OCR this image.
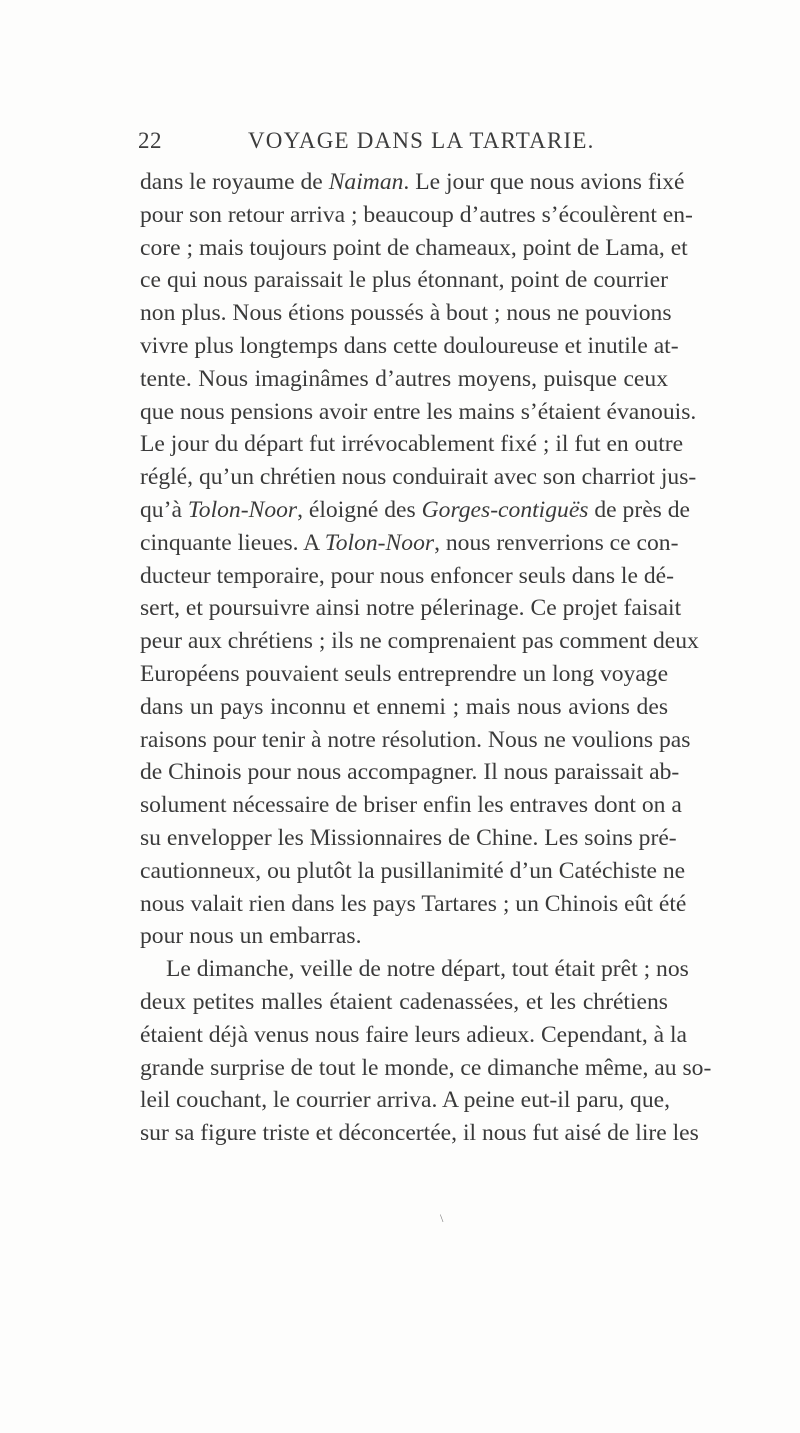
22	VOYAGE DANS LA TARTARIE.
dans le royaume de Naiman. Le jour que nous avions fixé
pour son retour arriva ; beaucoup d’autres s’écoulèrent en-
core ; mais toujours point de chameaux, point de Lama, et
ce qui nous paraissait le plus étonnant, point de courrier
non plus. Nous étions poussés à bout ; nous ne pouvions
vivre plus longtemps dans cette douloureuse et inutile at-
tente. Nous imaginâmes d’autres moyens, puisque ceux
que nous pensions avoir entre les mains s’étaient évanouis.
Le jour du départ fut irrévocablement fixé ; il fut en outre
réglé, qu’un chrétien nous conduirait avec son charriot jus-
qu’à Tolon-Noor, éloigné des Gorges-contiguës de près de
cinquante lieues. A Tolon-Noor, nous renverrions ce con-
ducteur temporaire, pour nous enfoncer seuls dans le dé-
sert, et poursuivre ainsi notre pélerinage. Ce projet faisait
peur aux chrétiens ; ils ne comprenaient pas comment deux
Européens pouvaient seuls entreprendre un long voyage
dans un pays inconnu et ennemi ; mais nous avions des
raisons pour tenir à notre résolution. Nous ne voulions pas
de Chinois pour nous accompagner. Il nous paraissait ab-
solument nécessaire de briser enfin les entraves dont on a
su envelopper les Missionnaires de Chine. Les soins pré-
cautionneux, ou plutôt la pusillanimité d’un Catéchiste ne
nous valait rien dans les pays Tartares ; un Chinois eût été
pour nous un embarras.
Le dimanche, veille de notre départ, tout était prêt ; nos
deux petites malles étaient cadenassées, et les chrétiens
étaient déjà venus nous faire leurs adieux. Cependant, à la
grande surprise de tout le monde, ce dimanche même, au so-
leil couchant, le courrier arriva. A peine eut-il paru, que,
sur sa figure triste et déconcertée, il nous fut aisé de lire les
\
